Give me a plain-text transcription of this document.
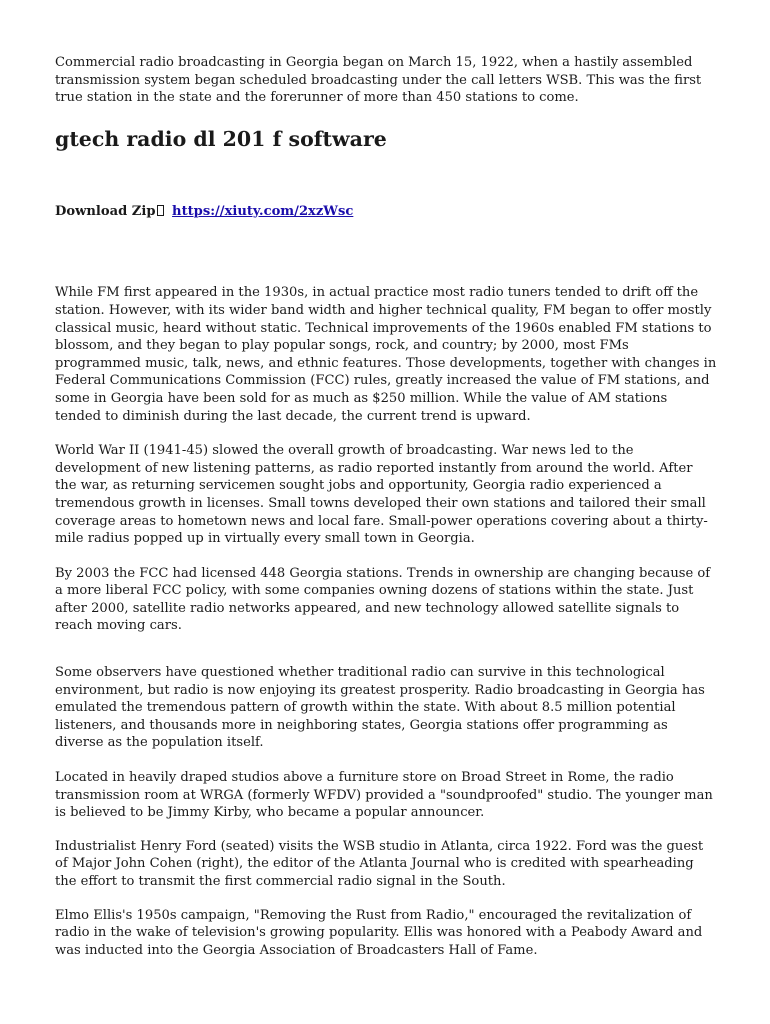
Commercial radio broadcasting in Georgia began on March 15, 1922, when a hastily assembled transmission system began scheduled broadcasting under the call letters WSB. This was the first true station in the state and the forerunner of more than 450 stations to come.

gtech radio dl 201 f software
Download Zip https://xiuty.com/2xzWsc

While FM first appeared in the 1930s, in actual practice most radio tuners tended to drift off the station. However, with its wider band width and higher technical quality, FM began to offer mostly classical music, heard without static. Technical improvements of the 1960s enabled FM stations to blossom, and they began to play popular songs, rock, and country; by 2000, most FMs programmed music, talk, news, and ethnic features. Those developments, together with changes in Federal Communications Commission (FCC) rules, greatly increased the value of FM stations, and some in Georgia have been sold for as much as $250 million. While the value of AM stations tended to diminish during the last decade, the current trend is upward.

World War II (1941-45) slowed the overall growth of broadcasting. War news led to the development of new listening patterns, as radio reported instantly from around the world. After the war, as returning servicemen sought jobs and opportunity, Georgia radio experienced a tremendous growth in licenses. Small towns developed their own stations and tailored their small coverage areas to hometown news and local fare. Small-power operations covering about a thirty-mile radius popped up in virtually every small town in Georgia.

By 2003 the FCC had licensed 448 Georgia stations. Trends in ownership are changing because of a more liberal FCC policy, with some companies owning dozens of stations within the state. Just after 2000, satellite radio networks appeared, and new technology allowed satellite signals to reach moving cars.

Some observers have questioned whether traditional radio can survive in this technological environment, but radio is now enjoying its greatest prosperity. Radio broadcasting in Georgia has emulated the tremendous pattern of growth within the state. With about 8.5 million potential listeners, and thousands more in neighboring states, Georgia stations offer programming as diverse as the population itself.

Located in heavily draped studios above a furniture store on Broad Street in Rome, the radio transmission room at WRGA (formerly WFDV) provided a "soundproofed" studio. The younger man is believed to be Jimmy Kirby, who became a popular announcer.

Industrialist Henry Ford (seated) visits the WSB studio in Atlanta, circa 1922. Ford was the guest of Major John Cohen (right), the editor of the Atlanta Journal who is credited with spearheading the effort to transmit the first commercial radio signal in the South.

Elmo Ellis's 1950s campaign, "Removing the Rust from Radio," encouraged the revitalization of radio in the wake of television's growing popularity. Ellis was honored with a Peabody Award and was inducted into the Georgia Association of Broadcasters Hall of Fame.
